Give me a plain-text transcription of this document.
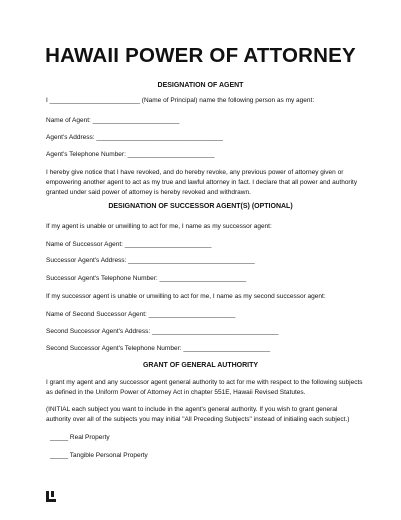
HAWAII POWER OF ATTORNEY
DESIGNATION OF AGENT
I _________________________ (Name of Principal) name the following person as my agent:
Name of Agent: ________________________
Agent's Address: ___________________________________
Agent's Telephone Number: ________________________
I hereby give notice that I have revoked, and do hereby revoke, any previous power of attorney given or empowering another agent to act as my true and lawful attorney in fact. I declare that all power and authority granted under said power of attorney is hereby revoked and withdrawn.
DESIGNATION OF SUCCESSOR AGENT(S) (OPTIONAL)
If my agent is unable or unwilling to act for me, I name as my successor agent:
Name of Successor Agent: ________________________
Successor Agent's Address: ___________________________________
Successor Agent's Telephone Number: ________________________
If my successor agent is unable or unwilling to act for me, I name as my second successor agent:
Name of Second Successor Agent: ________________________
Second Successor Agent's Address: ___________________________________
Second Successor Agent's Telephone Number: ________________________
GRANT OF GENERAL AUTHORITY
I grant my agent and any successor agent general authority to act for me with respect to the following subjects as defined in the Uniform Power of Attorney Act in chapter 551E, Hawaii Revised Statutes.
(INITIAL each subject you want to include in the agent's general authority. If you wish to grant general authority over all of the subjects you may initial "All Preceding Subjects" instead of initialing each subject.)
_____ Real Property
_____ Tangible Personal Property
